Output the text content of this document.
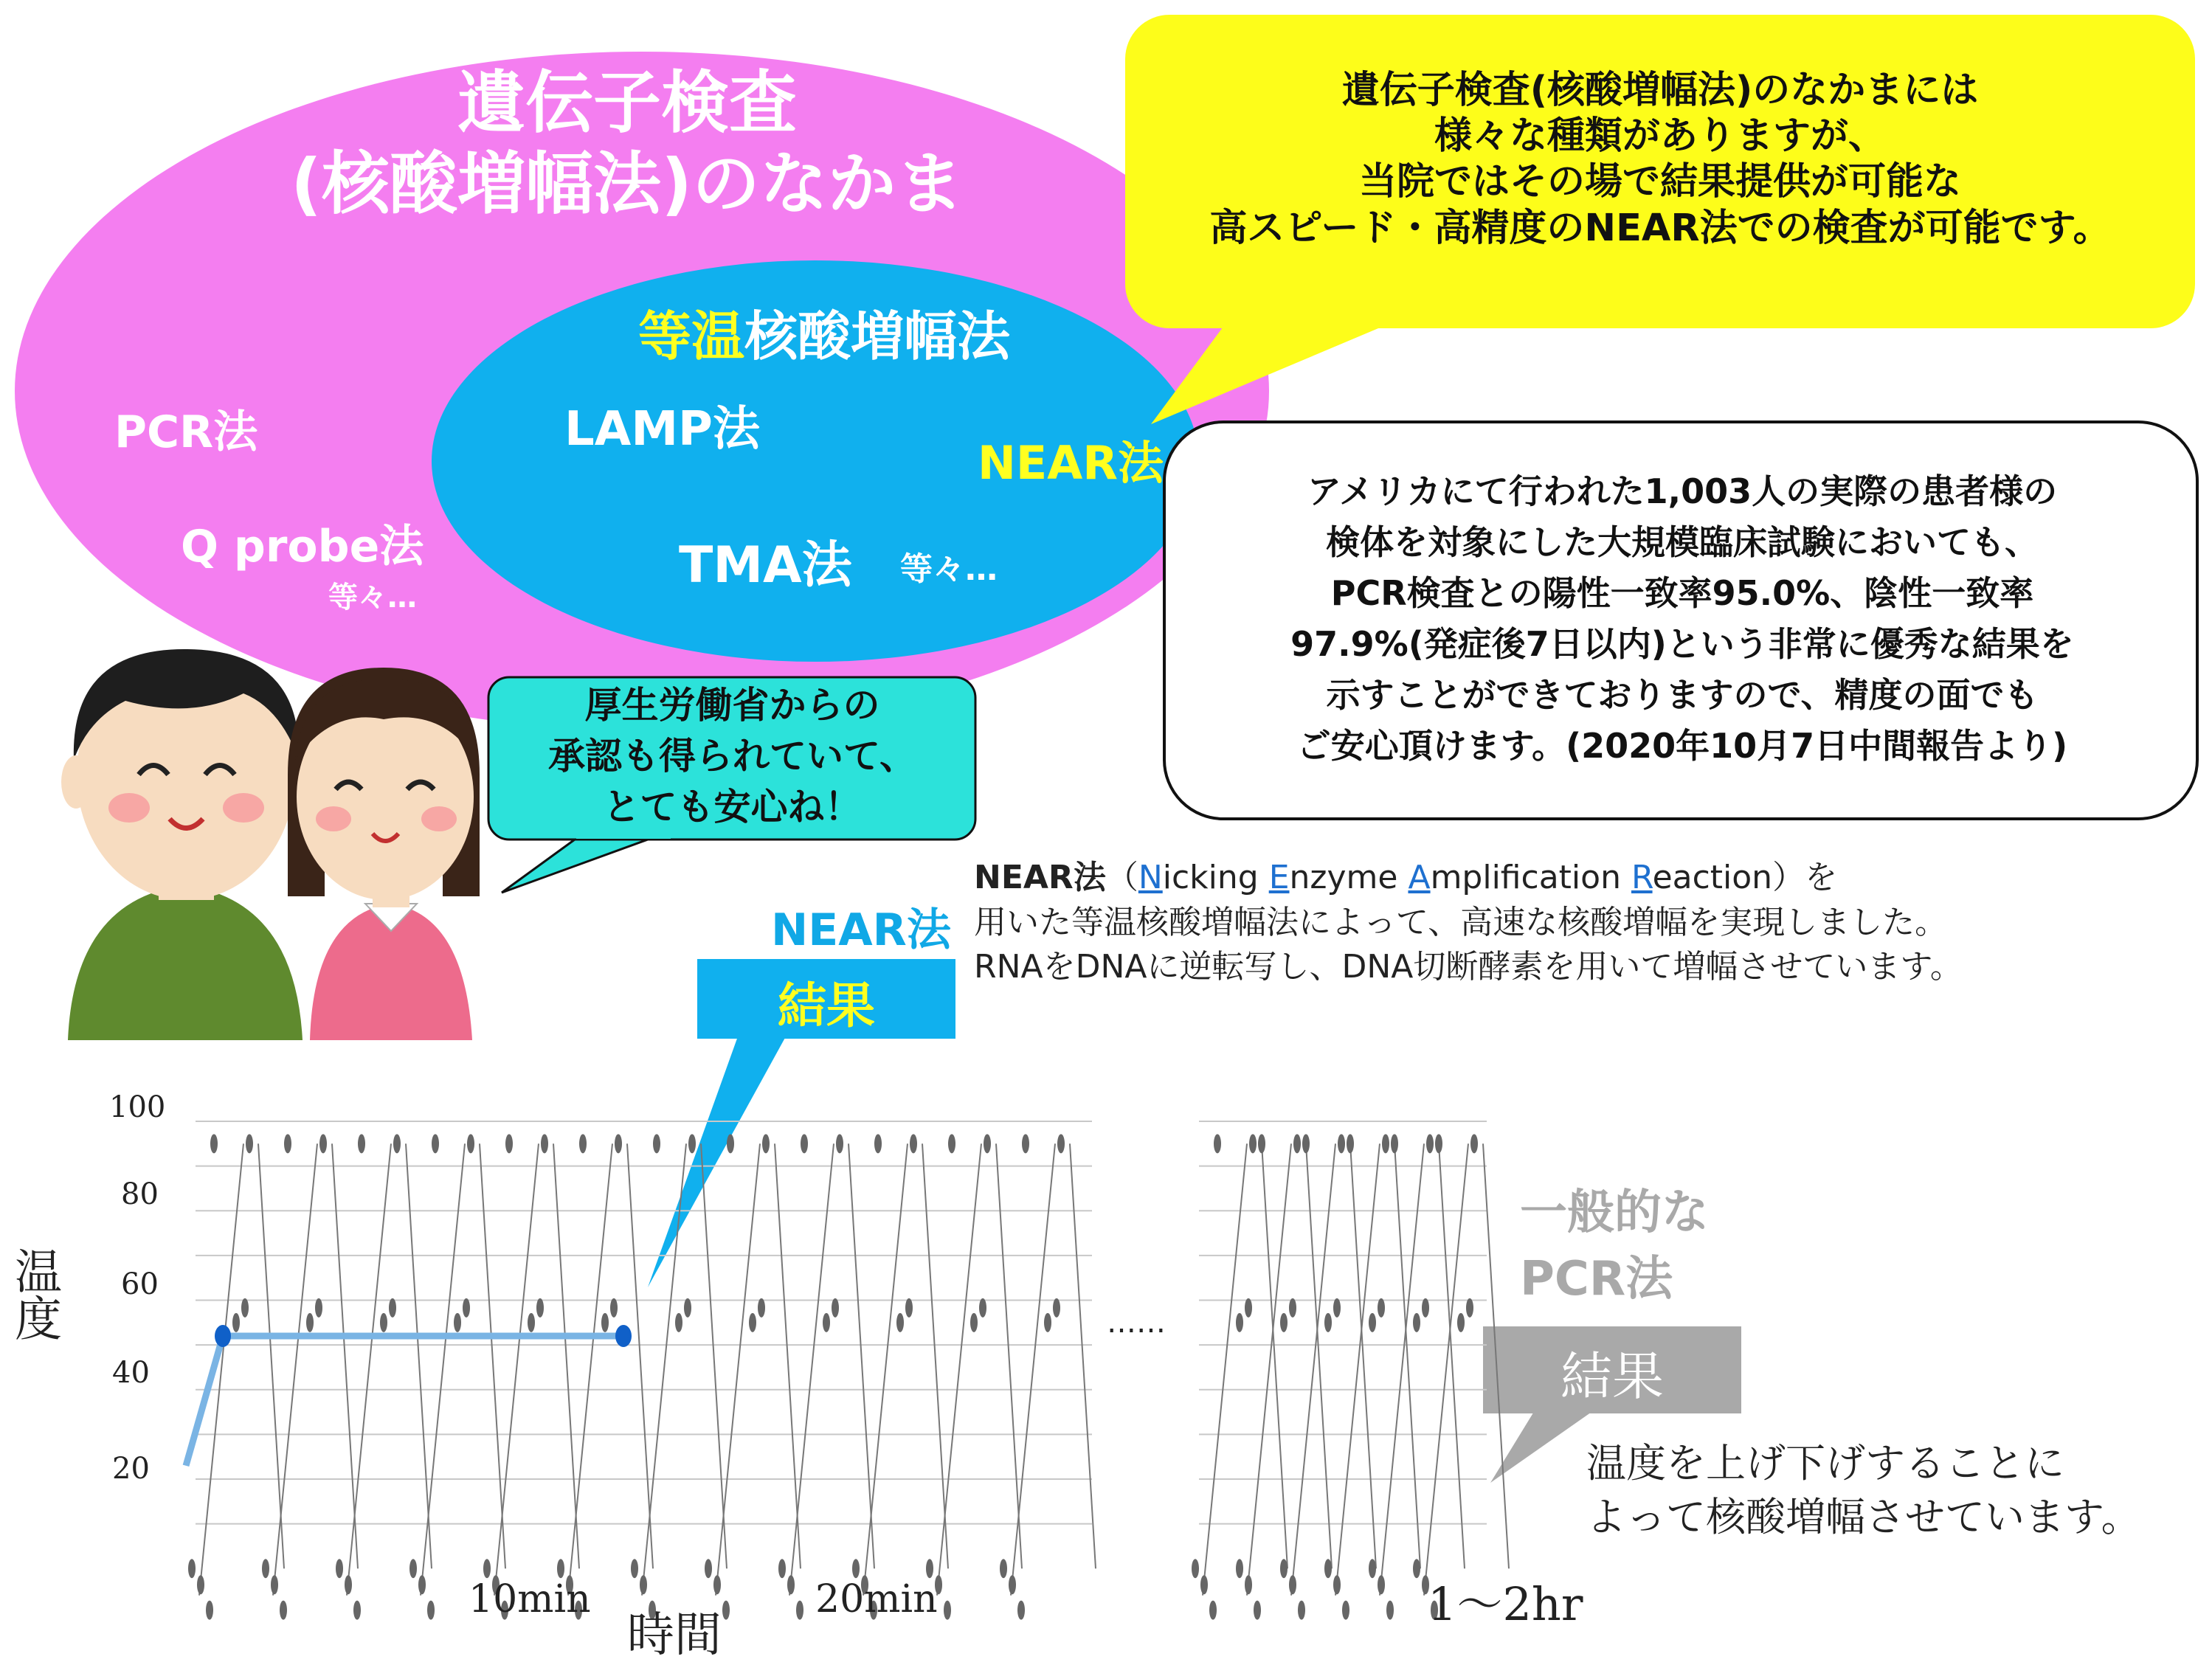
遺伝子検査
(核酸増幅法)のなかま
PCR法
Q probe法
等々…
等温核酸増幅法
LAMP法
NEAR法
TMA法 等々…
遺伝子検査(核酸増幅法)のなかまには
様々な種類がありますが、
当院ではその場で結果提供が可能な
高スピード・高精度のNEAR法での検査が可能です。
アメリカにて行われた1,003人の実際の患者様の
検体を対象にした大規模臨床試験においても、
PCR検査との陽性一致率95.0%、陰性一致率
97.9%(発症後7日以内)という非常に優秀な結果を
示すことができておりますので、精度の面でも
ご安心頂けます。(2020年10月7日中間報告より)
厚生労働省からの
承認も得られていて、
とても安心ね！
NEAR法（Nicking Enzyme Amplification Reaction）を
用いた等温核酸増幅法によって、高速な核酸増幅を実現しました。
RNAをDNAに逆転写し、DNA切断酵素を用いて増幅させています。
NEAR法
結果
一般的な
PCR法
結果
温度を上げ下げすることに
よって核酸増幅させています。
温度
100
80
60
40
20
10min	20min	1〜2hr
時間
……
